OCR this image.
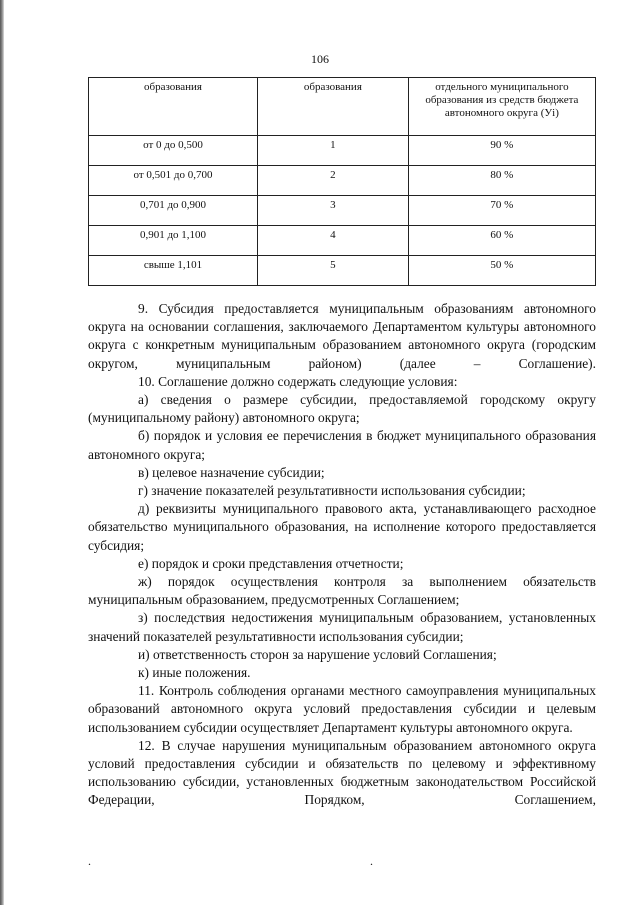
106
образования	образования	отдельного муниципального образования из средств бюджета автономного округа (Уi)
от 0 до 0,500	1	90 %
от 0,501 до 0,700	2	80 %
0,701 до 0,900	3	70 %
0,901 до 1,100	4	60 %
свыше 1,101	5	50 %

9. Субсидия предоставляется муниципальным образованиям автономного округа на основании соглашения, заключаемого Департаментом культуры автономного округа с конкретным муниципальным образованием автономного округа (городским округом, муниципальным районом) (далее – Соглашение).

10. Соглашение должно содержать следующие условия:

а) сведения о размере субсидии, предоставляемой городскому округу (муниципальному району) автономного округа;

б) порядок и условия ее перечисления в бюджет муниципального образования автономного округа;

в) целевое назначение субсидии;

г) значение показателей результативности использования субсидии;

д) реквизиты муниципального правового акта, устанавливающего расходное обязательство муниципального образования, на исполнение которого предоставляется субсидия;

е) порядок и сроки представления отчетности;

ж) порядок осуществления контроля за выполнением обязательств муниципальным образованием, предусмотренных Соглашением;

з) последствия недостижения муниципальным образованием, установленных значений показателей результативности использования субсидии;

и) ответственность сторон за нарушение условий Соглашения;

к) иные положения.

11. Контроль соблюдения органами местного самоуправления муниципальных образований автономного округа условий предоставления субсидии и целевым использованием субсидии осуществляет Департамент культуры автономного округа.

12. В случае нарушения муниципальным образованием автономного округа условий предоставления субсидии и обязательств по целевому и эффективному использованию субсидии, установленных бюджетным законодательством Российской Федерации, Порядком, Соглашением,

.	.
